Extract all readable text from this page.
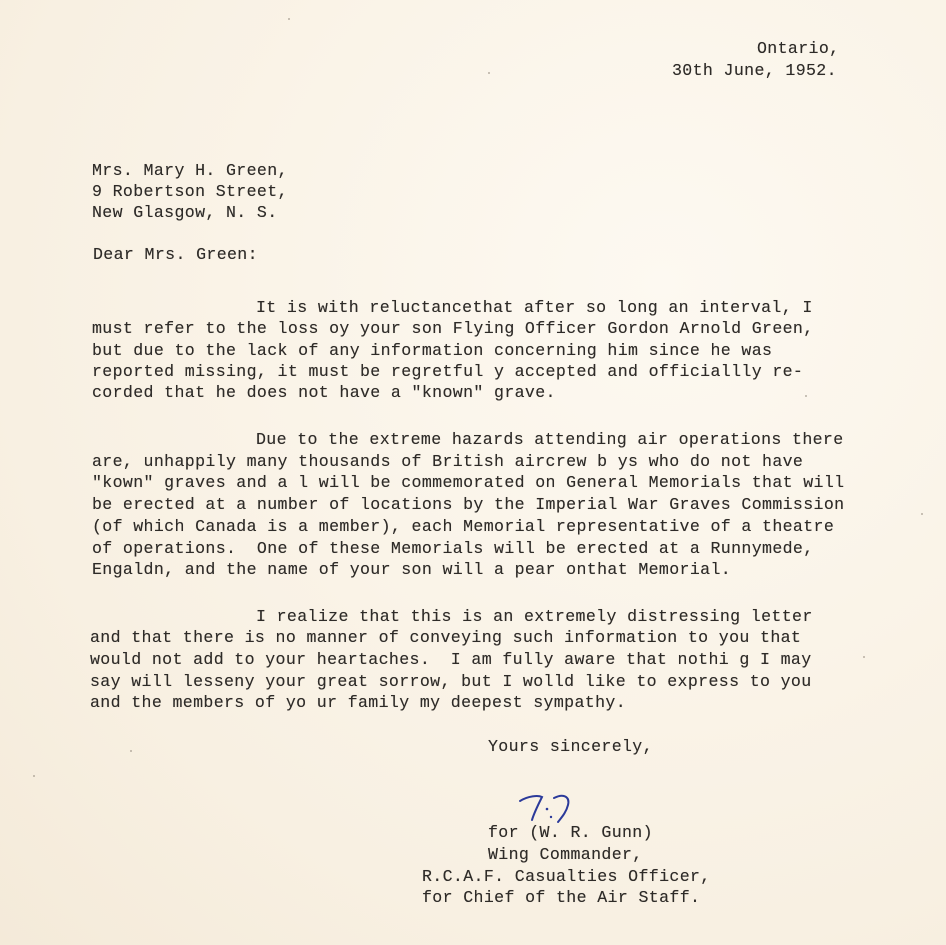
Ontario,
30th June, 1952.
Mrs. Mary H. Green,
9 Robertson Street,
New Glasgow, N. S.
Dear Mrs. Green:
It is with reluctancethat after so long an interval, I
must refer to the loss oy your son Flying Officer Gordon Arnold Green,
but due to the lack of any information concerning him since he was
reported missing, it must be regretful y accepted and officiallly re-
corded that he does not have a "known" grave.
Due to the extreme hazards attending air operations there
are, unhappily many thousands of British aircrew b ys who do not have
"kown" graves and a l will be commemorated on General Memorials that will
be erected at a number of locations by the Imperial War Graves Commission
(of which Canada is a member), each Memorial representative of a theatre
of operations.  One of these Memorials will be erected at a Runnymede,
Engaldn, and the name of your son will a pear onthat Memorial.
I realize that this is an extremely distressing letter
and that there is no manner of conveying such information to you that
would not add to your heartaches.  I am fully aware that nothi g I may
say will lesseny your great sorrow, but I wolld like to express to you
and the members of yo ur family my deepest sympathy.
Yours sincerely,
for (W. R. Gunn)
Wing Commander,
R.C.A.F. Casualties Officer,
for Chief of the Air Staff.
